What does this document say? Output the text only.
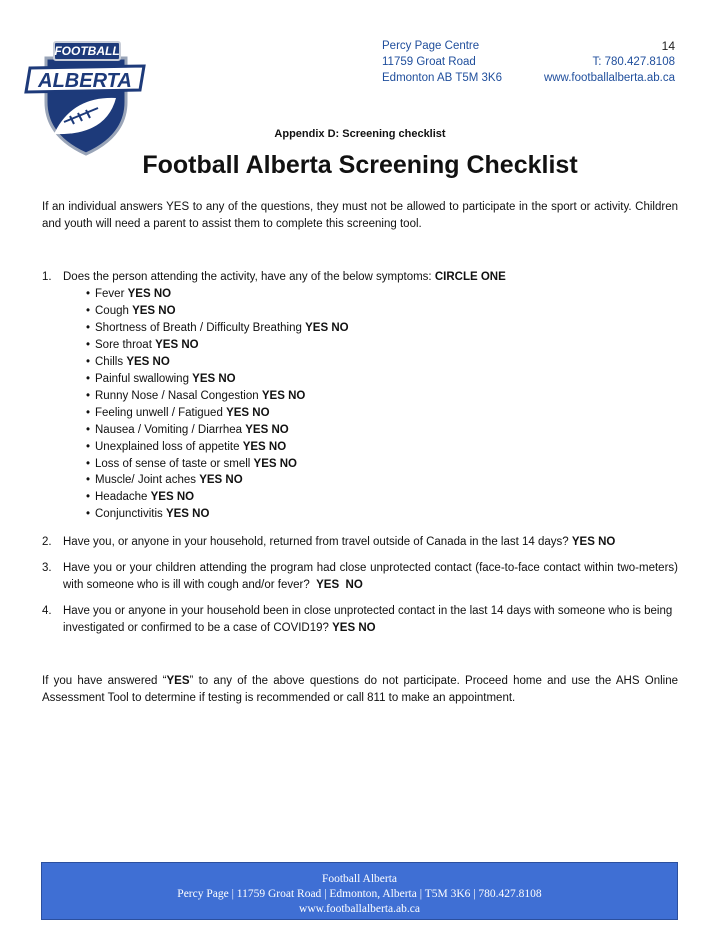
FOOTBALL
ALBERTA
Percy Page Centre
11759 Groat Road
Edmonton AB T5M 3K6
14
T: 780.427.8108
www.footballalberta.ab.ca
Appendix D: Screening checklist
Football Alberta Screening Checklist
If an individual answers YES to any of the questions, they must not be allowed to participate in the sport or activity. Children and youth will need a parent to assist them to complete this screening tool.
1. Does the person attending the activity, have any of the below symptoms: CIRCLE ONE
• Fever YES NO
• Cough YES NO
• Shortness of Breath / Difficulty Breathing YES NO
• Sore throat YES NO
• Chills YES NO
• Painful swallowing YES NO
• Runny Nose / Nasal Congestion YES NO
• Feeling unwell / Fatigued YES NO
• Nausea / Vomiting / Diarrhea YES NO
• Unexplained loss of appetite YES NO
• Loss of sense of taste or smell YES NO
• Muscle/ Joint aches YES NO
• Headache YES NO
• Conjunctivitis YES NO
2. Have you, or anyone in your household, returned from travel outside of Canada in the last 14 days? YES NO
3. Have you or your children attending the program had close unprotected contact (face-to-face contact within two-meters) with someone who is ill with cough and/or fever? YES  NO
4. Have you or anyone in your household been in close unprotected contact in the last 14 days with someone who is being investigated or confirmed to be a case of COVID19? YES NO
If you have answered “YES” to any of the above questions do not participate. Proceed home and use the AHS Online Assessment Tool to determine if testing is recommended or call 811 to make an appointment.
Football Alberta
Percy Page | 11759 Groat Road | Edmonton, Alberta | T5M 3K6 | 780.427.8108
www.footballalberta.ab.ca
